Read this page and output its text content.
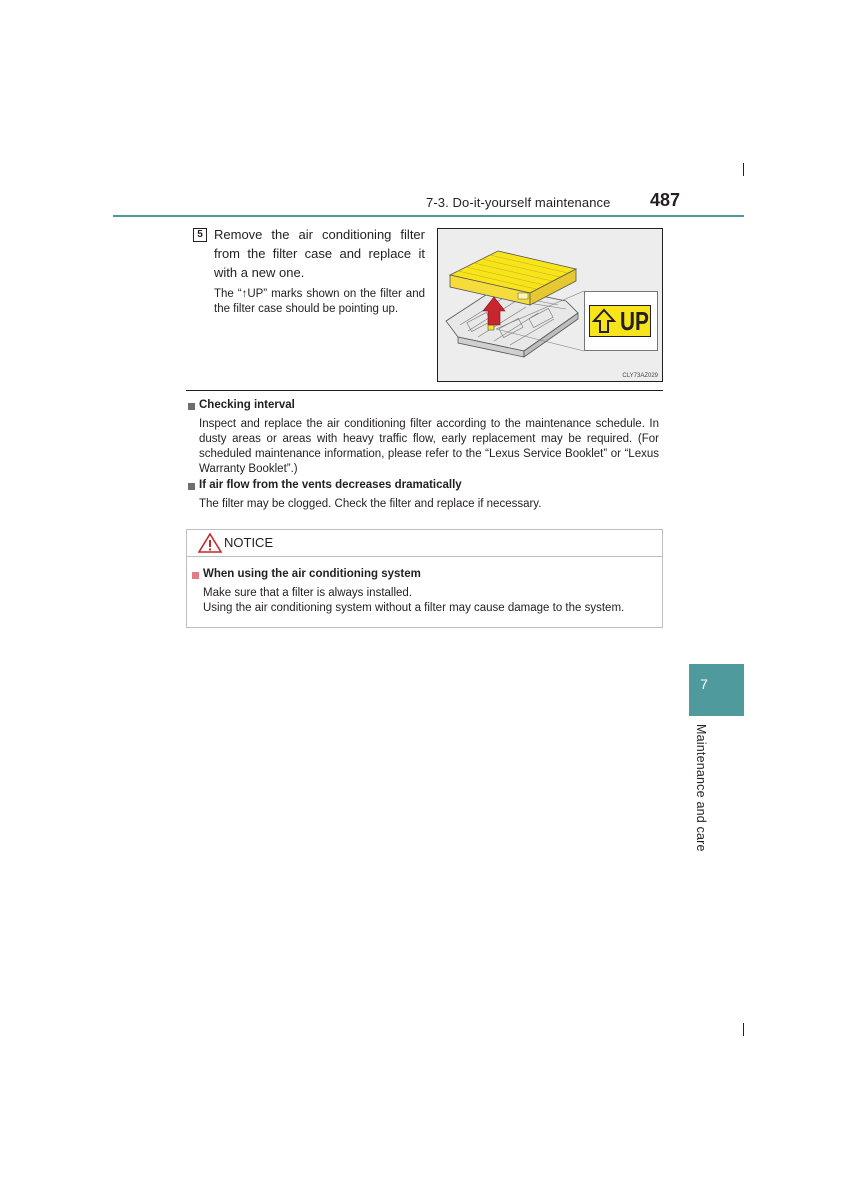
7-3. Do-it-yourself maintenance 487
5 Remove the air conditioning filter from the filter case and replace it with a new one.
The “↑UP” marks shown on the filter and the filter case should be pointing up.	UP
CLY73AZ029
Checking interval
Inspect and replace the air conditioning filter according to the maintenance schedule. In dusty areas or areas with heavy traffic flow, early replacement may be required. (For scheduled maintenance information, please refer to the “Lexus Service Booklet” or “Lexus Warranty Booklet”.)
If air flow from the vents decreases dramatically
The filter may be clogged. Check the filter and replace if necessary.
NOTICE
When using the air conditioning system
Make sure that a filter is always installed.
Using the air conditioning system without a filter may cause damage to the system.
7
Maintenance and care
